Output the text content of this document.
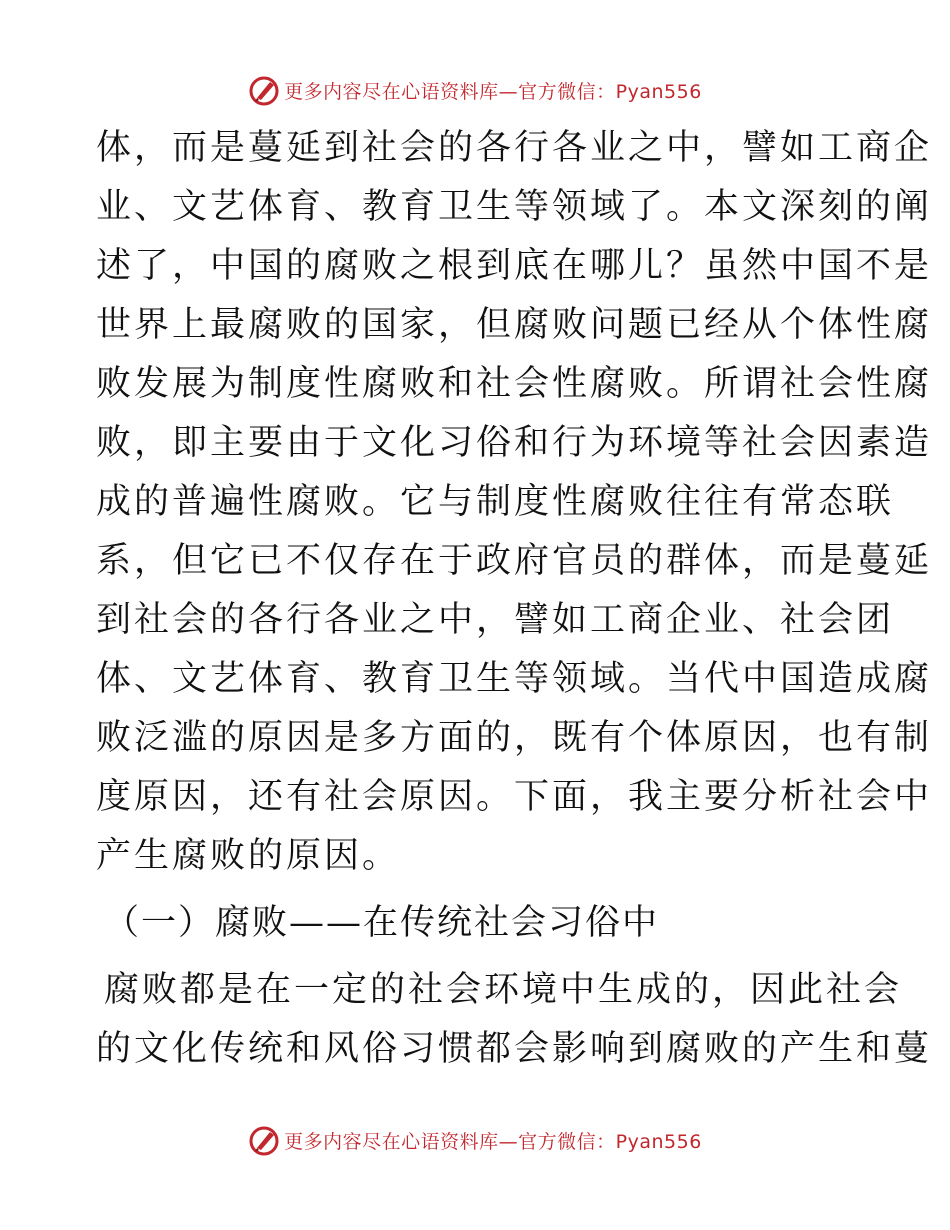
更多内容尽在心语资料库—官方微信：Pyan556
体，而是蔓延到社会的各行各业之中，譬如工商企
业、文艺体育、教育卫生等领域了。本文深刻的阐
述了，中国的腐败之根到底在哪儿？虽然中国不是
世界上最腐败的国家，但腐败问题已经从个体性腐
败发展为制度性腐败和社会性腐败。所谓社会性腐
败，即主要由于文化习俗和行为环境等社会因素造
成的普遍性腐败。它与制度性腐败往往有常态联
系，但它已不仅存在于政府官员的群体，而是蔓延
到社会的各行各业之中，譬如工商企业、社会团
体、文艺体育、教育卫生等领域。当代中国造成腐
败泛滥的原因是多方面的，既有个体原因，也有制
度原因，还有社会原因。下面，我主要分析社会中
产生腐败的原因。
（一）腐败——在传统社会习俗中
腐败都是在一定的社会环境中生成的，因此社会
的文化传统和风俗习惯都会影响到腐败的产生和蔓
更多内容尽在心语资料库—官方微信：Pyan556
